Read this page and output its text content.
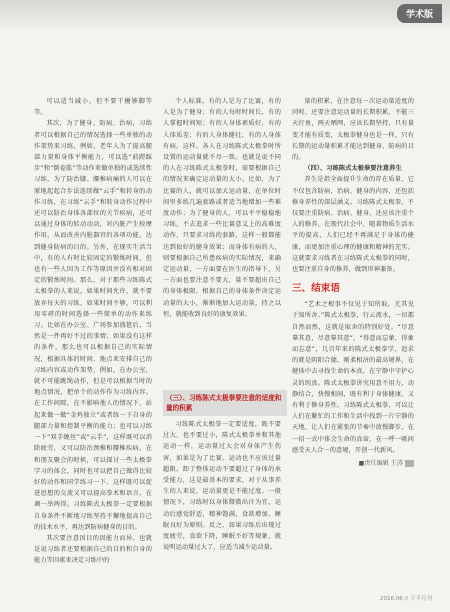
学术版

可以适当减小，但不要干擾够脚等等。

其次，为了健身、防病、治病，习练者可以根据自己的情况选择一些单独的动作架势来习练，例如，老年人为了提高腿部力量和身体平衡能力，可以选“前蹬踩步”和“倒卷肱”等动作来做单独的或选续性习练，为了防治膝、腰椎病痛的人可以在原地起起合步法连续做“云手”和转身的动作习练，在习练“云手”和转身动作过程中还可以防治身体各部位的关节疾病，还可以通过身体的转动动动，对内脏产生按摩作用，从而改善内脏器官的各项功能，达到健身防病的目的。另外，在现实生活当中，有的人有时比较固定的锻炼时间，但也有一些人因为工作等原因并没有相对固定的锻炼时间。那么，对于那些习练陈式太极拳的人来说，如果时间允许，就不要放弃每天的习练，如果时间不够，可以利用零碎的时间选择一些简单的动作来练习。比如在办公室、广场参加盛筵后，当然是一件再好不过的事情；如果没有这样的条件，那么也可以根据自己的实际情况，根据具体的时间、地点来安排自己的习练内容或动作架势，例如，在办公室，就不可能跳绳动作，但是可以根据当时的地点情况，把单个的动作作为习练内容。在工作间隙，在不影响他人的情况下，站起来做一做“金鸡独立”或者练一下自身的腿部力量和控制平衡的能力；也可以习练一下“双手缠丝”或“云手”，这样既可以消除疲劳，又可以防治颈椎和腰椎疾病。在和朋友聚会的时候，可以探讨一些太极拳学习的体会，同时也可以把自己做得比较好的动作和同学练习一下。这样既可以促进思想的交流又可以提高拳术和语言，在调一举两得。习练陈式太极拳一定要根据自身条件不断地习练坚持不懈地提高自己的技术水平，再达到防病健身的目的。

其次要注意因目的因能力而异。也就是说习练者还要根据自己的目的和自身的能力等因素来决定习练中的

个人标准。有的人是为了比赛，有的人是为了健身；有的人每时时间长，有的人掌握时间短；有的人身体素质好，有的人体质差；有的人身体健壮，有的人身体有病。这样，各人在习练陈式太极拳时所设置的运动量就不尽一致。也就是说不同的人在习练陈式太极拳时，需要根据自己的情况来确定运动量的大小。比如，为了比赛的人，就可以加大运动量，在单位时间里多练几遍套路或者适当地增加一些难度动作；为了健身的人，可以平平稳稳地习练，不去追求一些比赛意义上的高难度动作，只要求习练的套路，这样一般都能达到很好的健身效果；而身体有病的人，则要根据自己所患疾病的实际情况，来确定运动量，一方面要在医生的指导下，另一方面也要注意不要大，量不要超出自己的身体极限，根据自己的身体条件决定运动量的大小，渐渐地加大运动量，持之以恒，就能收到良好的康复效果。

（三）、习练陈式太极拳要注意的适度和量的积累

习练陈式太极拳一定要适度，既不要过大，也不要过小，陈式太极拳单和其他运动一样，运动量过大会对身体产生伤害，如果是为了比赛，运动也不应该过量超限。卸了整体运动不要超过了身体的承受能力，这是最基本的要求，对于从事养生的人来说，运动量更是不能过度。一般情况下，习练时以身体微微出汗为宜，运动后感觉舒适，精神饱满，食欲增加，睡眠良好为原则。反之，如果习练后出现过度疲劳，食欲下降，睡眠不好等现象，就说明运动量过大了，应适当减少运动量。

量的积累，在注意每一次运动量适度的同时，还要注意运动量的长期积累，不能三天打鱼，两天晒网，应该长期坚持，只有量变才能有质变，太极拳健身也是一样，只有长期的运动量积累才能达到健身、防病的目的。

（四）、习练陈式太极拳要注意养生

养生是指全面提升生命的存在质量，它不仅包含防病、治病、健身的内容，还包括修身养性的深层涵义。习练陈式太极拳，不仅要注重防病、治病、健身，还应该注重个人的修养，在现代社会中，随着物质生活水平的提高，人们已经不再满足于身体的健康，而更加注重心理的健康和精神的充实。这就要求习练者在习练陈式太极拳的同时，也要注重自身的修养，做到形神兼备。

三、结束语

“艺术之根事不仅见于知所取，尤其见于知所舍。”陈式太极拳，行云流水，一切都自然而然，这就是取舍的特别好处。“尽意摹其意，尽意摹其意”，“得意而忘象，得象而忘意”，几百年来的陈式太极拳学，追求的就是阴阳合德，刚柔相济的最高境界，在健体中去寻找生命的本真，在宁静中守护心灵的纯真。陈式太极拳讲究用意不用力，动静结合，快慢相间，既有利于身体健康，又有利于修身养性。习练陈式太极拳，可以让人们在繁忙的工作和生活中找到一片宁静的天地，让人们在紧张的节奏中放慢脚步，在一招一式中体会生命的真谛，在一呼一吸间感受天人合一的意境，开创一代新风。

■责任编辑 王涛
2016.06 // 下半月刊
